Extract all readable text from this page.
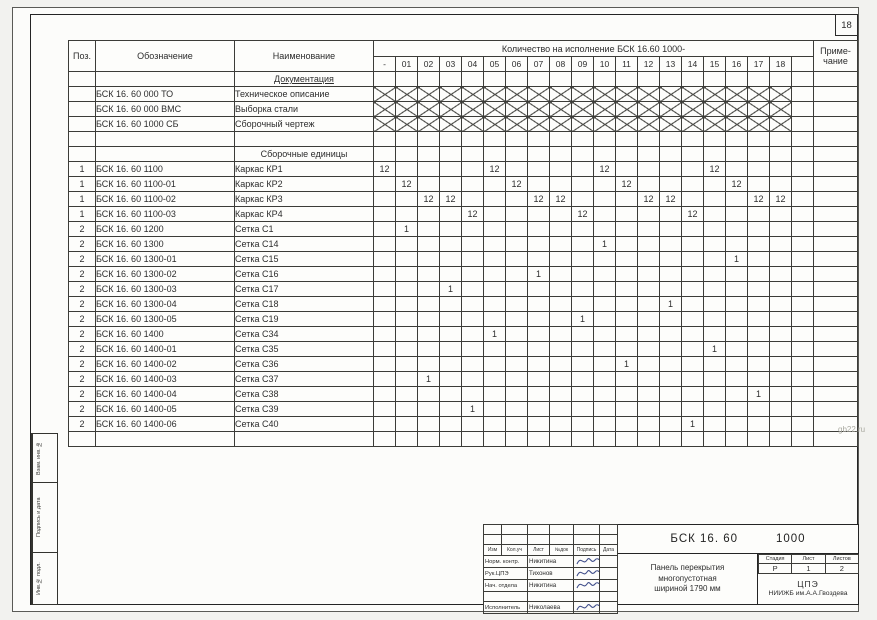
18
Взам. инв. №
Подпись и дата
Инв.№ подл.
Поз.	Обозначение	Наименование	Количество на исполнение БСК 16.60 1000-																				Приме-
чание

			-	01	02	03	04	05	06	07	08	09	10	11	12	13	14	15	16	17	18		
		Документация																					
	БСК 16. 60 000 ТО	Техническое описание																					
	БСК 16. 60 000 ВМС	Выборка стали																					
	БСК 16. 60 1000 СБ	Сборочный чертеж																					

		Сборочные единицы																					
1	БСК 16. 60 1100	Каркас КР1	12					12					12					12					
1	БСК 16. 60 1100-01	Каркас КР2		12					12					12					12				
1	БСК 16. 60 1100-02	Каркас КР3			12	12				12	12				12	12				12	12		
1	БСК 16. 60 1100-03	Каркас КР4					12					12					12						
2	БСК 16. 60 1200	Сетка С1		1																			
2	БСК 16. 60 1300	Сетка С14											1										
2	БСК 16. 60 1300-01	Сетка С15																	1				
2	БСК 16. 60 1300-02	Сетка С16								1													
2	БСК 16. 60 1300-03	Сетка С17				1																	
2	БСК 16. 60 1300-04	Сетка С18														1							
2	БСК 16. 60 1300-05	Сетка С19										1											
2	БСК 16. 60 1400	Сетка С34						1															
2	БСК 16. 60 1400-01	Сетка С35																1					
2	БСК 16. 60 1400-02	Сетка С36												1									
2	БСК 16. 60 1400-03	Сетка С37			1																		
2	БСК 16. 60 1400-04	Сетка С38																		1			
2	БСК 16. 60 1400-05	Сетка С39					1																
2	БСК 16. 60 1400-06	Сетка С40															1						

Изм	Кол.уч	Лист	№док	Подпись	Дата
Норм. контр.		Никитина	

Рук.ЦПЭ		Тихонов	

Нач. отдела		Никитина	

Исполнитель		Николаева	

БСК 16. 60	1000
Панель перекрытия
многопустотная
шириной 1790 мм
Стадия	Лист	Листов
Р	1	2
ЦПЭ
НИИЖБ им.А.А.Гвоздева
gb22.ru
